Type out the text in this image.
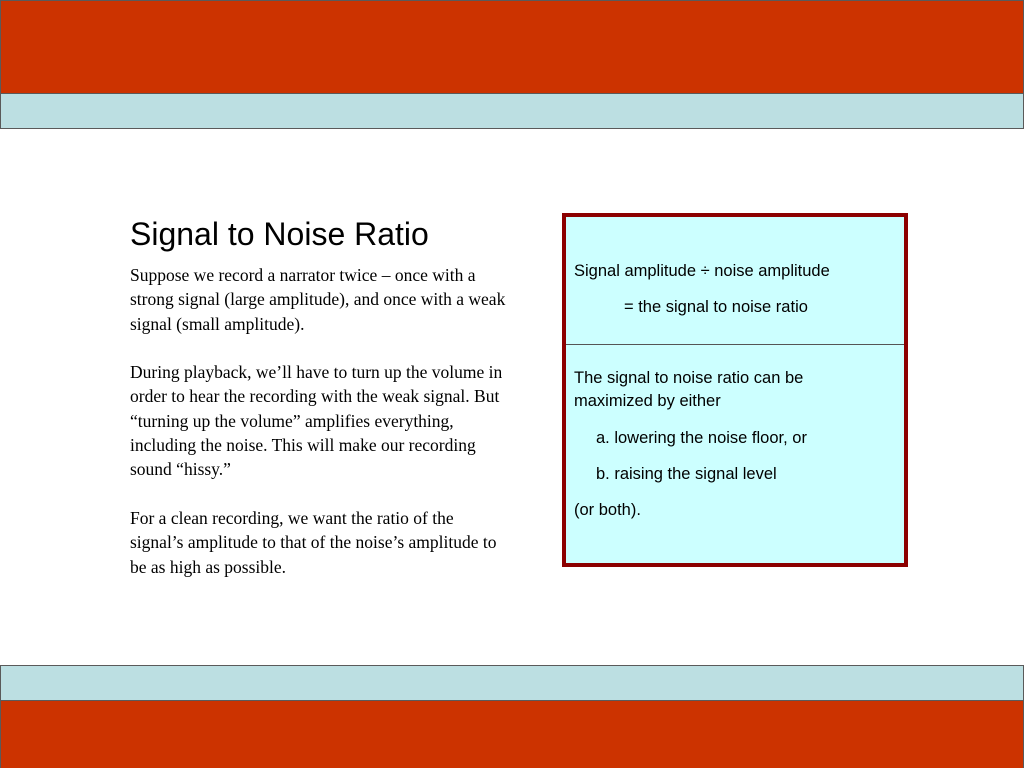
Signal to Noise Ratio

Suppose we record a narrator twice – once with a strong signal (large amplitude), and once with a weak signal (small amplitude).

During playback, we’ll have to turn up the volume in order to hear the recording with the weak signal. But “turning up the volume” amplifies everything, including the noise. This will make our recording sound “hissy.”

For a clean recording, we want the ratio of the signal’s amplitude to that of the noise’s amplitude to be as high as possible.

Signal amplitude ÷ noise amplitude
= the signal to noise ratio
The signal to noise ratio can be
maximized by either
a. lowering the noise floor, or
b. raising the signal level
(or both).
